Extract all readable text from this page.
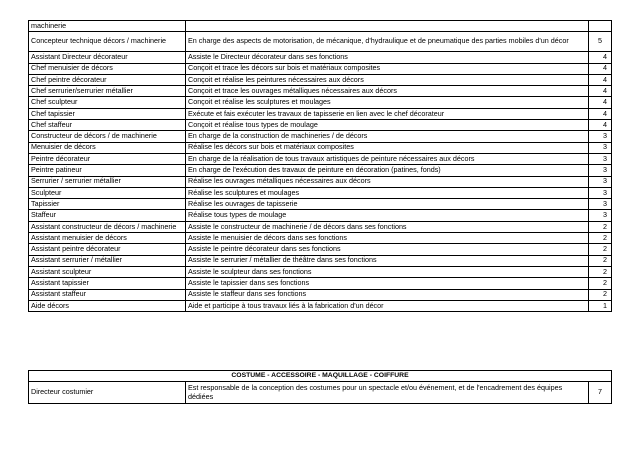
machinerie		
Concepteur technique décors / machinerie	En charge des aspects de motorisation, de mécanique, d'hydraulique et de pneumatique des parties mobiles d'un décor	5
Assistant Directeur décorateur	Assiste le Directeur décorateur dans ses fonctions	4
Chef menuisier de décors	Conçoit et trace les décors sur bois et matériaux composites	4
Chef peintre décorateur	Conçoit et réalise les peintures nécessaires aux décors	4
Chef serrurier/serrurier métallier	Conçoit et trace les ouvrages métalliques nécessaires aux décors	4
Chef sculpteur	Conçoit et réalise les sculptures et moulages	4
Chef tapissier	Exécute et fais exécuter les travaux de tapisserie en lien avec le chef décorateur	4
Chef staffeur	Conçoit et réalise tous types de moulage	4
Constructeur de décors / de machinerie	En charge de la construction de machineries / de décors	3
Menuisier de décors	Réalise les décors sur bois et matériaux composites	3
Peintre décorateur	En charge de la réalisation de tous travaux artistiques de peinture nécessaires aux décors	3
Peintre patineur	En charge de l'exécution des travaux de peinture en décoration (patines, fonds)	3
Serrurier / serrurier métallier	Réalise les ouvrages métalliques nécessaires aux décors	3
Sculpteur	Réalise les sculptures et moulages	3
Tapissier	Réalise les ouvrages de tapisserie	3
Staffeur	Réalise tous types de moulage	3
Assistant constructeur de décors / machinerie	Assiste le constructeur de machinerie / de décors dans ses fonctions	2
Assistant menuisier de décors	Assiste le menuisier de décors dans ses fonctions	2
Assistant peintre décorateur	Assiste le peintre décorateur dans ses fonctions	2
Assistant serrurier / métallier	Assiste le serrurier / métallier de théâtre dans ses fonctions	2
Assistant sculpteur	Assiste le sculpteur dans ses fonctions	2
Assistant tapissier	Assiste le tapissier dans ses fonctions	2
Assistant staffeur	Assiste le staffeur dans ses fonctions	2
Aide décors	Aide et participe à tous travaux liés à la fabrication d'un décor	1
COSTUME - ACCESSOIRE - MAQUILLAGE - COIFFURE
Directeur costumier	Est responsable de la conception des costumes pour un spectacle et/ou événement, et de l'encadrement des équipes dédiées	7
